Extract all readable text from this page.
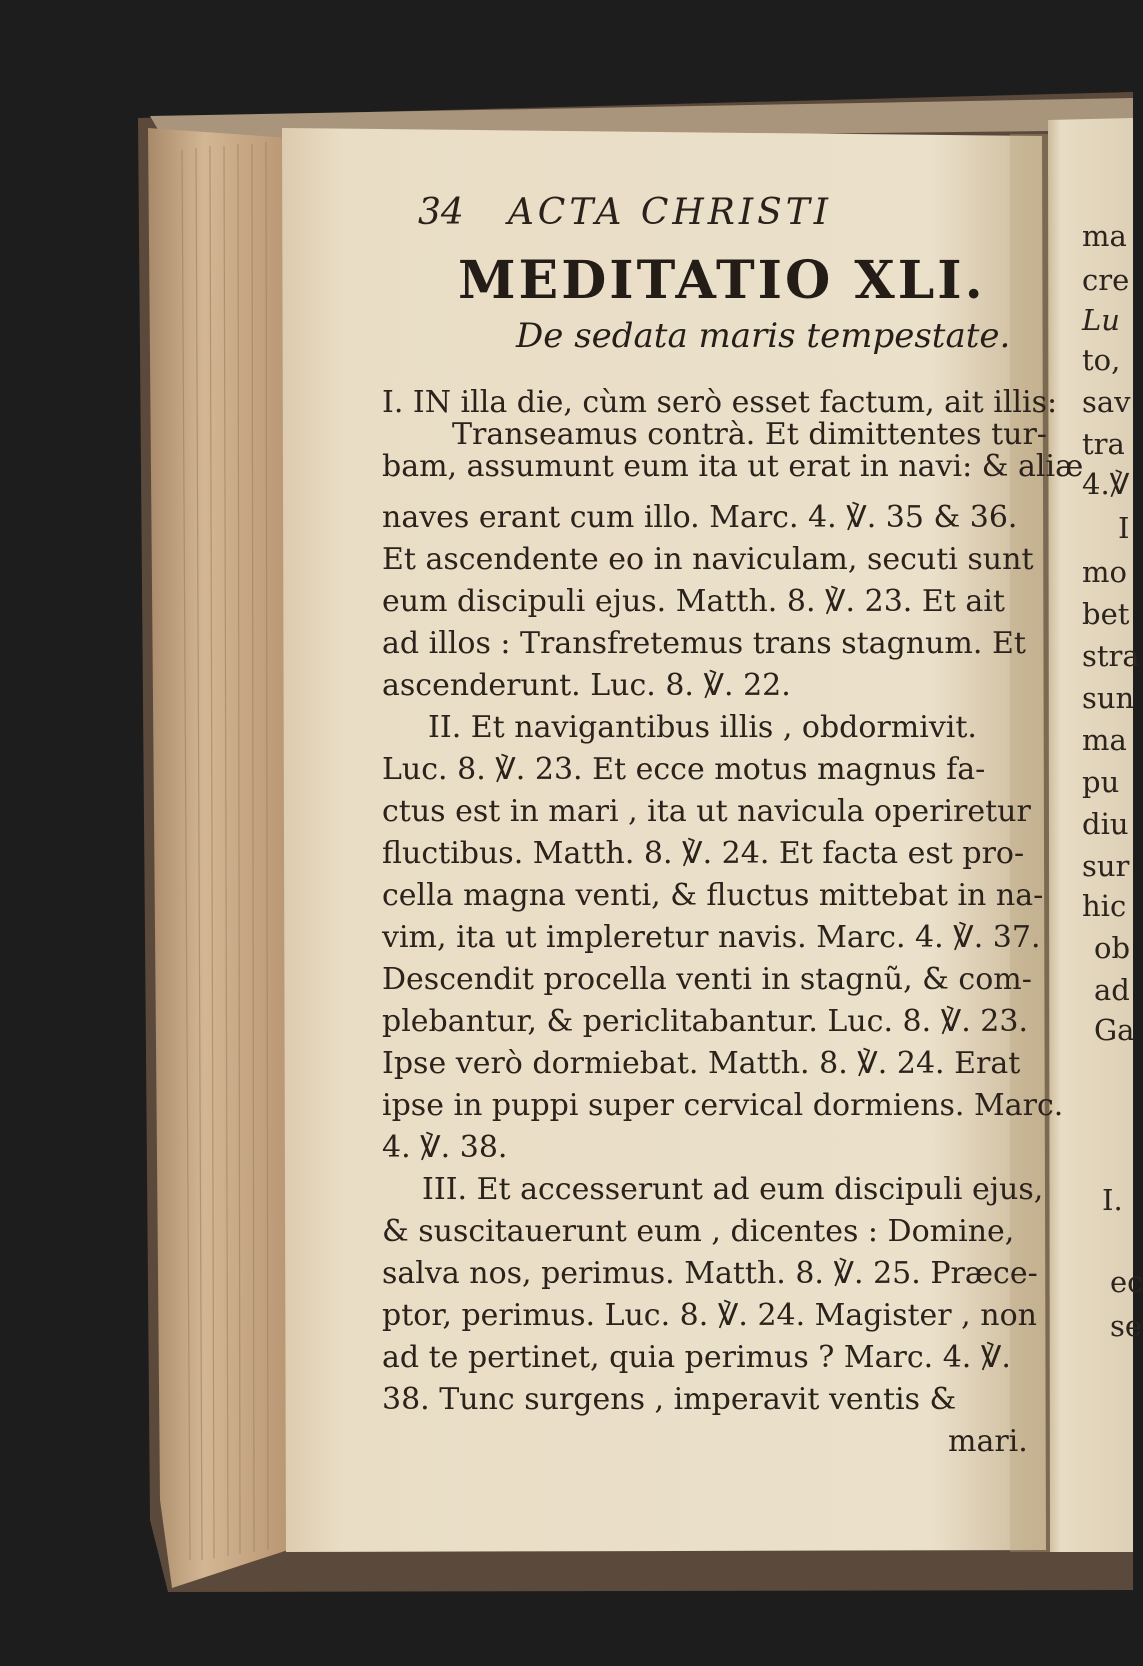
34 ACTA CHRISTI
MEDITATIO XLI.
De sedata maris tempestate.
I. IN illa die, cùm serò esset factum, ait illis:
Transeamus contrà. Et dimittentes tur-
bam, assumunt eum ita ut erat in navi: & aliæ
naves erant cum illo. Marc. 4. ℣. 35 & 36.
Et ascendente eo in naviculam, secuti sunt
eum discipuli ejus. Matth. 8. ℣. 23. Et ait
ad illos : Transfretemus trans stagnum. Et
ascenderunt. Luc. 8. ℣. 22.
II. Et navigantibus illis , obdormivit.
Luc. 8. ℣. 23. Et ecce motus magnus fa-
ctus est in mari , ita ut navicula operiretur
fluctibus. Matth. 8. ℣. 24. Et facta est pro-
cella magna venti, & fluctus mittebat in na-
vim, ita ut impleretur navis. Marc. 4. ℣. 37.
Descendit procella venti in stagnũ, & com-
plebantur, & periclitabantur. Luc. 8. ℣. 23.
Ipse verò dormiebat. Matth. 8. ℣. 24. Erat
ipse in puppi super cervical dormiens. Marc.
4. ℣. 38.
III. Et accesserunt ad eum discipuli ejus,
& suscitauerunt eum , dicentes : Domine,
salva nos, perimus. Matth. 8. ℣. 25. Præce-
ptor, perimus. Luc. 8. ℣. 24. Magister , non
ad te pertinet, quia perimus ? Marc. 4. ℣.
38. Tunc surgens , imperavit ventis &
mari.
ma
cre
Lu
to,
sav
tra
4.℣
I
mo
bet
stra
sun
ma
pu
diu
sur
hic
ob
ad
Ga
I.
ec
se
